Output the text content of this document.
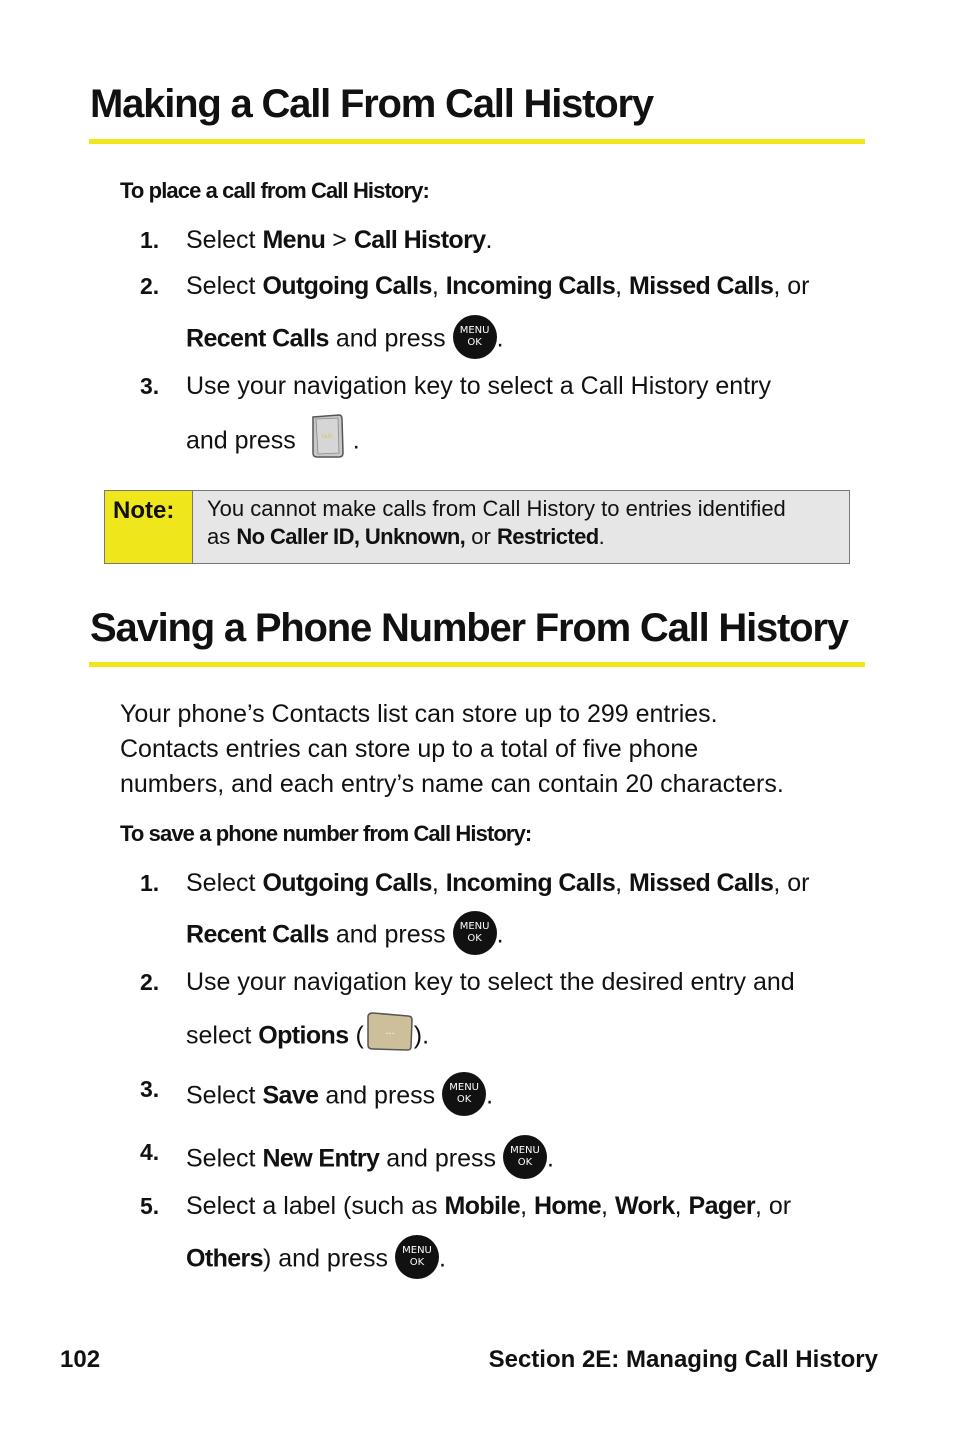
Making a Call From Call History
To place a call from Call History:
1. Select Menu > Call History.
2. Select Outgoing Calls, Incoming Calls, Missed Calls, or
Recent Calls and press MENU
OK .
3. Use your navigation key to select a Call History entry
and press	talk .
Note:	You cannot make calls from Call History to entries identified
as No Caller ID, Unknown, or Restricted.
Saving a Phone Number From Call History
Your phone’s Contacts list can store up to 299 entries.
Contacts entries can store up to a total of five phone
numbers, and each entry’s name can contain 20 characters.
To save a phone number from Call History:
1. Select Outgoing Calls, Incoming Calls, Missed Calls, or
Recent Calls and press MENU
OK .
2. Use your navigation key to select the desired entry and
select Options ( ··· ).
3. Select Save and press MENU
OK .
4. Select New Entry and press MENU
OK .
5. Select a label (such as Mobile, Home, Work, Pager, or
Others) and press MENU
OK .
102	Section 2E: Managing Call History
